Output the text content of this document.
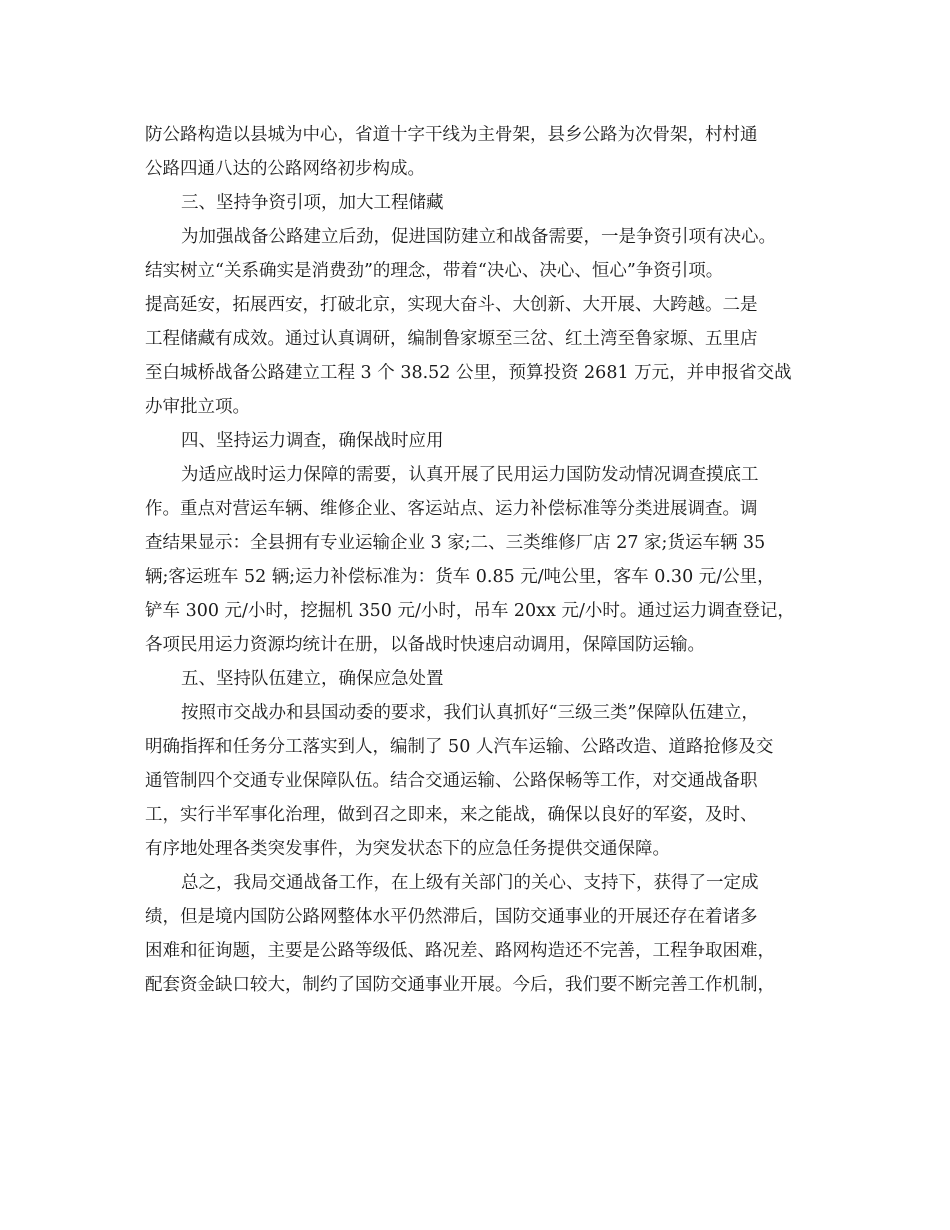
防公路构造以县城为中心，省道十字干线为主骨架，县乡公路为次骨架，村村通
公路四通八达的公路网络初步构成。
三、坚持争资引项，加大工程储藏
为加强战备公路建立后劲，促进国防建立和战备需要，一是争资引项有决心。
结实树立“关系确实是消费劲”的理念，带着“决心、决心、恒心”争资引项。
提高延安，拓展西安，打破北京，实现大奋斗、大创新、大开展、大跨越。二是
工程储藏有成效。通过认真调研，编制鲁家塬至三岔、红土湾至鲁家塬、五里店
至白城桥战备公路建立工程 3 个 38.52 公里，预算投资 2681 万元，并申报省交战
办审批立项。
四、坚持运力调查，确保战时应用
为适应战时运力保障的需要，认真开展了民用运力国防发动情况调查摸底工
作。重点对营运车辆、维修企业、客运站点、运力补偿标准等分类进展调查。调
查结果显示：全县拥有专业运输企业 3 家;二、三类维修厂店 27 家;货运车辆 35
辆;客运班车 52 辆;运力补偿标准为：货车 0.85 元/吨公里，客车 0.30 元/公里，
铲车 300 元/小时，挖掘机 350 元/小时，吊车 20xx 元/小时。通过运力调查登记，
各项民用运力资源均统计在册，以备战时快速启动调用，保障国防运输。
五、坚持队伍建立，确保应急处置
按照市交战办和县国动委的要求，我们认真抓好“三级三类”保障队伍建立，
明确指挥和任务分工落实到人，编制了 50 人汽车运输、公路改造、道路抢修及交
通管制四个交通专业保障队伍。结合交通运输、公路保畅等工作，对交通战备职
工，实行半军事化治理，做到召之即来，来之能战，确保以良好的军姿，及时、
有序地处理各类突发事件，为突发状态下的应急任务提供交通保障。
总之，我局交通战备工作，在上级有关部门的关心、支持下，获得了一定成
绩，但是境内国防公路网整体水平仍然滞后，国防交通事业的开展还存在着诸多
困难和征询题，主要是公路等级低、路况差、路网构造还不完善，工程争取困难，
配套资金缺口较大，制约了国防交通事业开展。今后，我们要不断完善工作机制，
